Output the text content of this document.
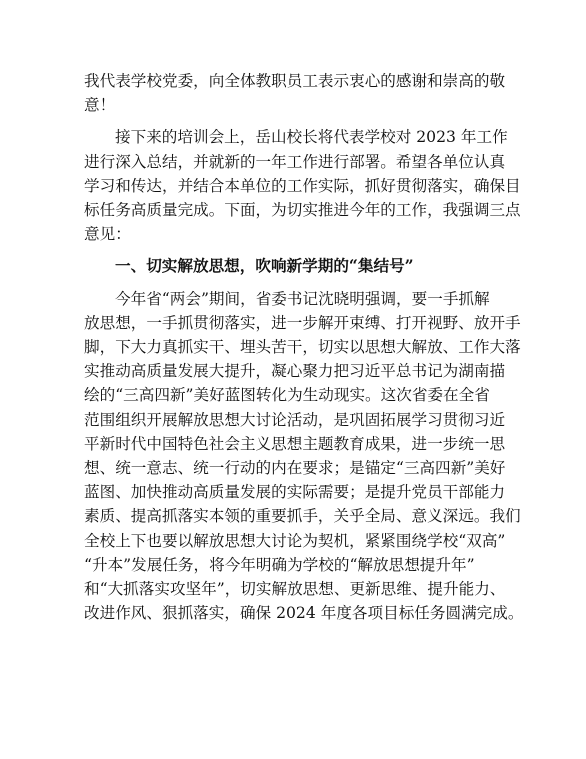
我代表学校党委，向全体教职员工表示衷心的感谢和崇高的敬
意！

接下来的培训会上，岳山校长将代表学校对 2023 年工作
进行深入总结，并就新的一年工作进行部署。希望各单位认真
学习和传达，并结合本单位的工作实际，抓好贯彻落实，确保目
标任务高质量完成。下面，为切实推进今年的工作，我强调三点
意见：

一、切实解放思想，吹响新学期的“集结号”

今年省“两会”期间，省委书记沈晓明强调，要一手抓解
放思想，一手抓贯彻落实，进一步解开束缚、打开视野、放开手
脚，下大力真抓实干、埋头苦干，切实以思想大解放、工作大落
实推动高质量发展大提升，凝心聚力把习近平总书记为湖南描
绘的“三高四新”美好蓝图转化为生动现实。这次省委在全省
范围组织开展解放思想大讨论活动，是巩固拓展学习贯彻习近
平新时代中国特色社会主义思想主题教育成果，进一步统一思
想、统一意志、统一行动的内在要求；是锚定“三高四新”美好
蓝图、加快推动高质量发展的实际需要；是提升党员干部能力
素质、提高抓落实本领的重要抓手，关乎全局、意义深远。我们
全校上下也要以解放思想大讨论为契机，紧紧围绕学校“双高”
“升本”发展任务，将今年明确为学校的“解放思想提升年”
和“大抓落实攻坚年”，切实解放思想、更新思维、提升能力、
改进作风、狠抓落实，确保 2024 年度各项目标任务圆满完成。
